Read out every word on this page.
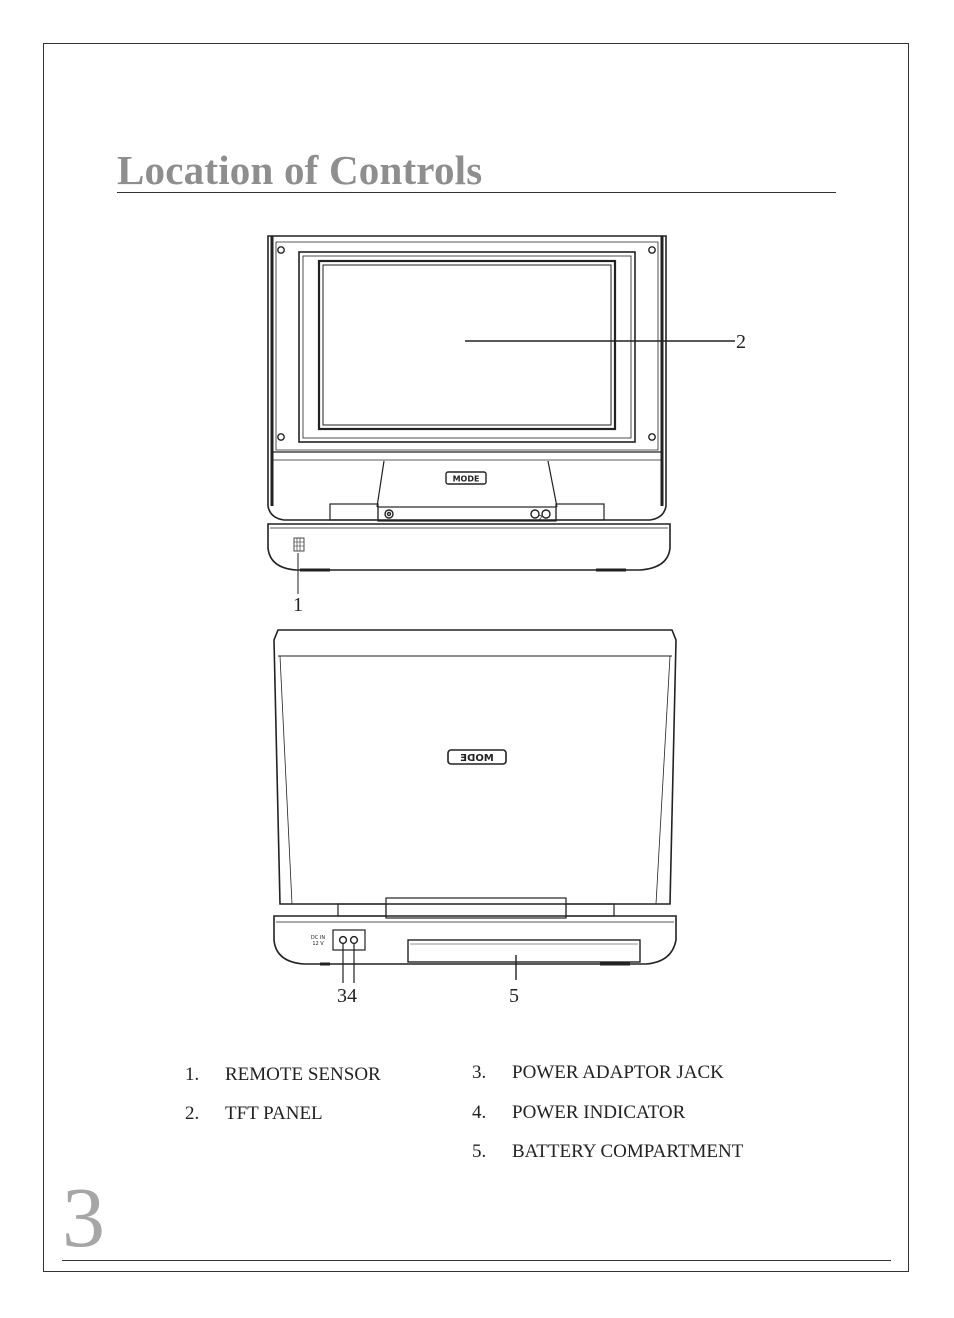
Location of Controls
MODE
2
MODE
DC IN
12 V
2
1
34	5
1. REMOTE SENSOR
2. TFT PANEL
3. POWER ADAPTOR JACK
4. POWER INDICATOR
5. BATTERY COMPARTMENT
3
